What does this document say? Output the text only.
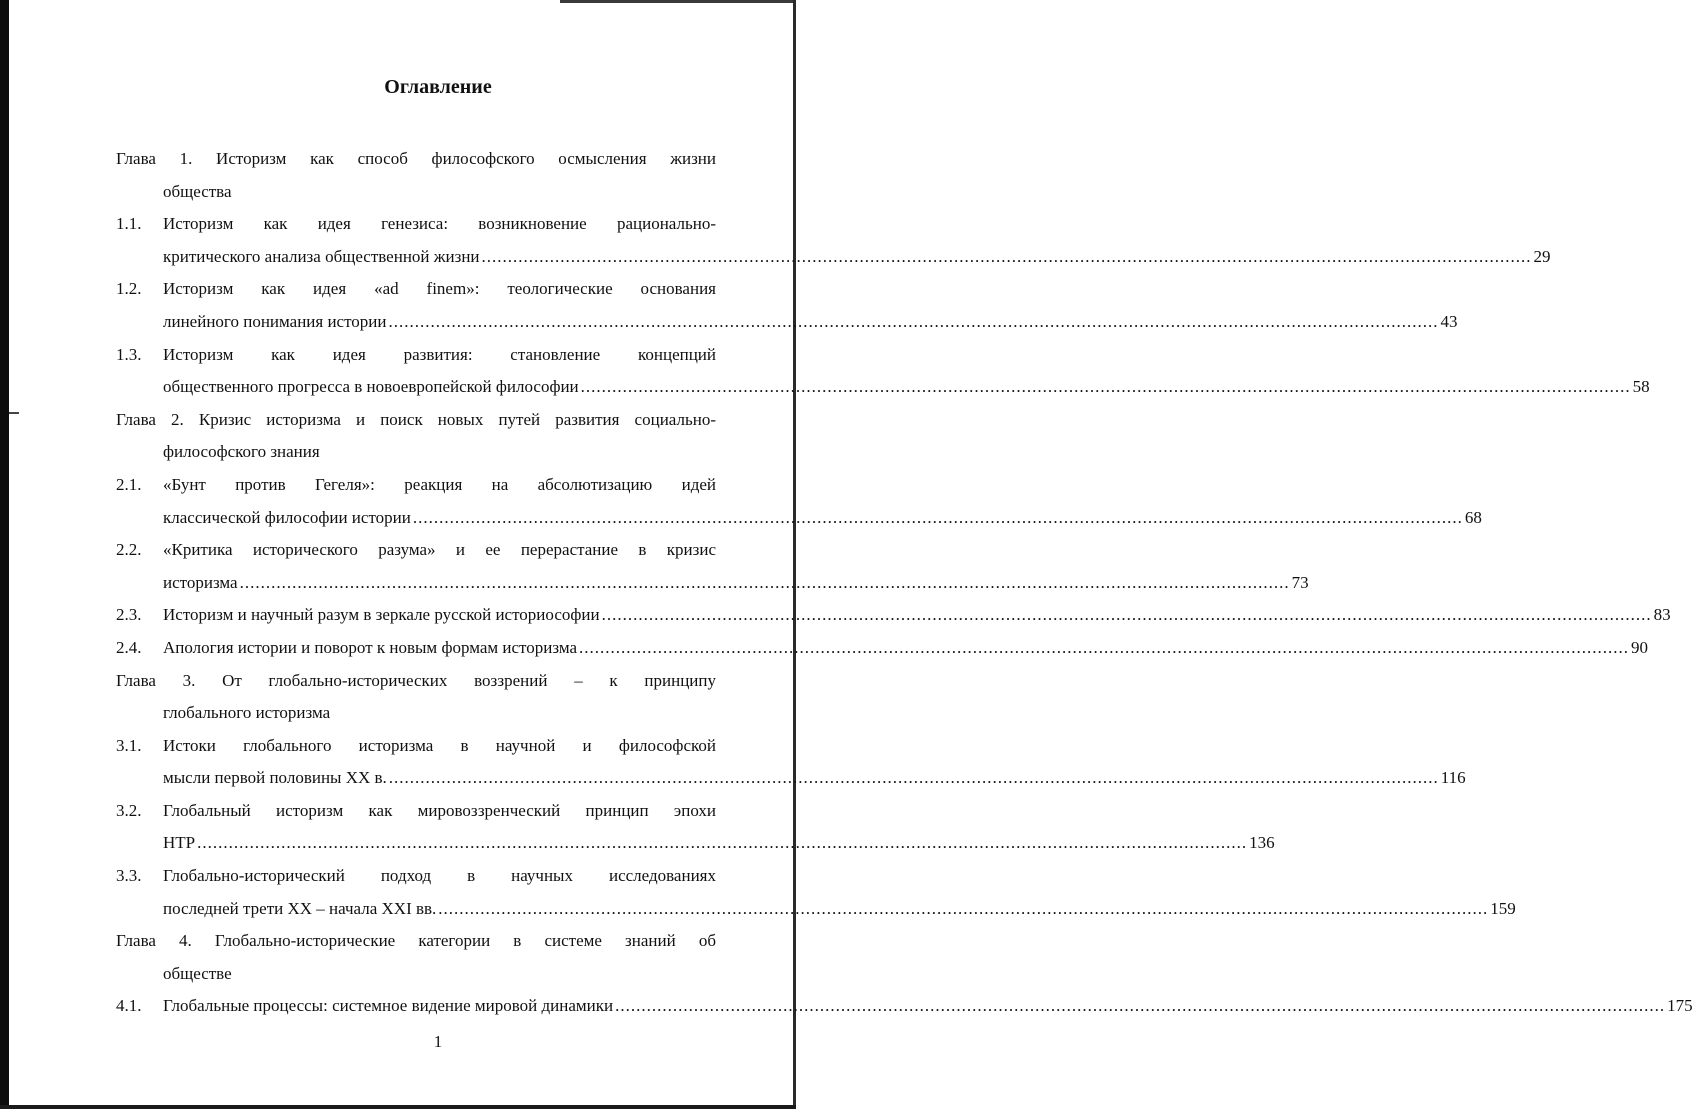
Оглавление
Глава 1. Историзм как способ философского осмысления жизни
общества
1.1.	Историзм как идея генезиса: возникновение рационально-
критического анализа общественной жизни ........................................................................................................................................................................................................ 29
1.2.	Историзм как идея «ad finem»: теологические основания
линейного понимания истории ........................................................................................................................................................................................................ 43
1.3.	Историзм как идея развития: становление концепций
общественного прогресса в новоевропейской философии ........................................................................................................................................................................................................ 58
Глава 2. Кризис историзма и поиск новых путей развития социально-
философского знания
2.1.	«Бунт против Гегеля»: реакция на абсолютизацию идей
классической философии истории ........................................................................................................................................................................................................ 68
2.2.	«Критика исторического разума» и ее перерастание в кризис
историзма ........................................................................................................................................................................................................ 73
2.3. Историзм и научный разум в зеркале русской историософии ........................................................................................................................................................................................................ 83
2.4. Апология истории и поворот к новым формам историзма ........................................................................................................................................................................................................ 90
Глава 3. От глобально-исторических воззрений – к принципу
глобального историзма
3.1.	Истоки глобального историзма в научной и философской
мысли первой половины XX в. ........................................................................................................................................................................................................ 116
3.2.	Глобальный историзм как мировоззренческий принцип эпохи
НТР ........................................................................................................................................................................................................ 136
3.3.	Глобально-исторический подход в научных исследованиях
последней трети XX – начала XXI вв. ........................................................................................................................................................................................................ 159
Глава 4. Глобально-исторические категории в системе знаний об
обществе
4.1. Глобальные процессы: системное видение мировой динамики ........................................................................................................................................................................................................ 175
1
